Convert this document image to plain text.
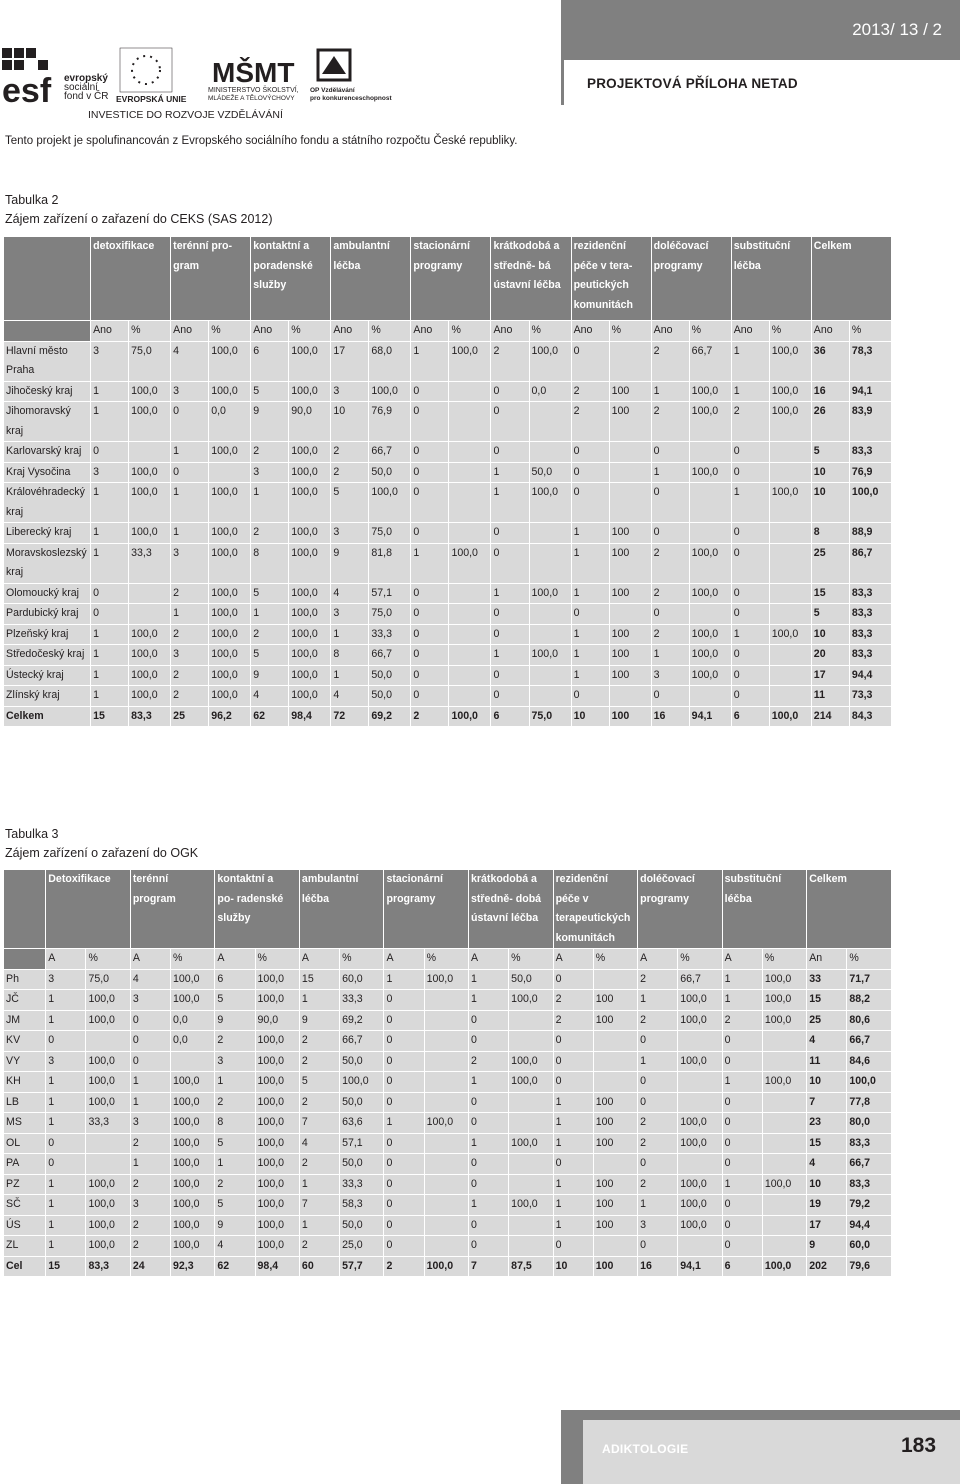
2013/ 13 / 2
PROJEKTOVÁ PŘÍLOHA NETAD
esf evropský
sociální
fond v ČR EVROPSKÁ UNIE
MŠMT
MINISTERSTVO ŠKOLSTVÍ,
MLÁDEŽE A TĚLOVÝCHOVY
OP Vzdělávání
pro konkurenceschopnost
INVESTICE DO ROZVOJE VZDĚLÁVÁNÍ
Tento projekt je spolufinancován z Evropského sociálního fondu a státního rozpočtu České republiky.
Tabulka 2
Zájem zařízení o zařazení do CEKS (SAS 2012)

	detoxifikace		terénní pro- gram		kontaktní a poradenské služby		ambulantní léčba		stacionární programy		krátkodobá a středně- bá ústavní léčba		rezidenční péče v tera- peutických komunitách		doléčovací programy		substituční léčba		Celkem	

	Ano	%	Ano	%	Ano	%	Ano	%	Ano	%	Ano	%	Ano	%	Ano	%	Ano	%	Ano	%
Hlavní město Praha	3	75,0	4	100,0	6	100,0	17	68,0	1	100,0	2	100,0	0		2	66,7	1	100,0	36	78,3
Jihočeský kraj	1	100,0	3	100,0	5	100,0	3	100,0	0		0	0,0	2	100	1	100,0	1	100,0	16	94,1
Jihomoravský kraj	1	100,0	0	0,0	9	90,0	10	76,9	0		0		2	100	2	100,0	2	100,0	26	83,9
Karlovarský kraj	0		1	100,0	2	100,0	2	66,7	0		0		0		0		0		5	83,3
Kraj Vysočina	3	100,0	0		3	100,0	2	50,0	0		1	50,0	0		1	100,0	0		10	76,9
Královéhradecký kraj	1	100,0	1	100,0	1	100,0	5	100,0	0		1	100,0	0		0		1	100,0	10	100,0
Liberecký kraj	1	100,0	1	100,0	2	100,0	3	75,0	0		0		1	100	0		0		8	88,9
Moravskoslezský kraj	1	33,3	3	100,0	8	100,0	9	81,8	1	100,0	0		1	100	2	100,0	0		25	86,7
Olomoucký kraj	0		2	100,0	5	100,0	4	57,1	0		1	100,0	1	100	2	100,0	0		15	83,3
Pardubický kraj	0		1	100,0	1	100,0	3	75,0	0		0		0		0		0		5	83,3
Plzeňský kraj	1	100,0	2	100,0	2	100,0	1	33,3	0		0		1	100	2	100,0	1	100,0	10	83,3
Středočeský kraj	1	100,0	3	100,0	5	100,0	8	66,7	0		1	100,0	1	100	1	100,0	0		20	83,3
Ústecký kraj	1	100,0	2	100,0	9	100,0	1	50,0	0		0		1	100	3	100,0	0		17	94,4
Zlínský kraj	1	100,0	2	100,0	4	100,0	4	50,0	0		0		0		0		0		11	73,3
Celkem	15	83,3	25	96,2	62	98,4	72	69,2	2	100,0	6	75,0	10	100	16	94,1	6	100,0	214	84,3
Tabulka 3
Zájem zařízení o zařazení do OGK

	Detoxifikace		terénní program		kontaktní a po- radenské služby		ambulantní léčba		stacionární programy		krátkodobá a středně- dobá ústavní léčba		rezidenční péče v terapeutických komunitách		doléčovací programy		substituční léčba		Celkem	

	A	%	A	%	A	%	A	%	A	%	A	%	A	%	A	%	A	%	An	%
Ph	3	75,0	4	100,0	6	100,0	15	60,0	1	100,0	1	50,0	0		2	66,7	1	100,0	33	71,7
JČ	1	100,0	3	100,0	5	100,0	1	33,3	0		1	100,0	2	100	1	100,0	1	100,0	15	88,2
JM	1	100,0	0	0,0	9	90,0	9	69,2	0		0		2	100	2	100,0	2	100,0	25	80,6
KV	0		0	0,0	2	100,0	2	66,7	0		0		0		0		0		4	66,7
VY	3	100,0	0		3	100,0	2	50,0	0		2	100,0	0		1	100,0	0		11	84,6
KH	1	100,0	1	100,0	1	100,0	5	100,0	0		1	100,0	0		0		1	100,0	10	100,0
LB	1	100,0	1	100,0	2	100,0	2	50,0	0		0		1	100	0		0		7	77,8
MS	1	33,3	3	100,0	8	100,0	7	63,6	1	100,0	0		1	100	2	100,0	0		23	80,0
OL	0		2	100,0	5	100,0	4	57,1	0		1	100,0	1	100	2	100,0	0		15	83,3
PA	0		1	100,0	1	100,0	2	50,0	0		0		0		0		0		4	66,7
PZ	1	100,0	2	100,0	2	100,0	1	33,3	0		0		1	100	2	100,0	1	100,0	10	83,3
SČ	1	100,0	3	100,0	5	100,0	7	58,3	0		1	100,0	1	100	1	100,0	0		19	79,2
ÚS	1	100,0	2	100,0	9	100,0	1	50,0	0		0		1	100	3	100,0	0		17	94,4
ZL	1	100,0	2	100,0	4	100,0	2	25,0	0		0		0		0		0		9	60,0
Cel	15	83,3	24	92,3	62	98,4	60	57,7	2	100,0	7	87,5	10	100	16	94,1	6	100,0	202	79,6
ADIKTOLOGIE	183
